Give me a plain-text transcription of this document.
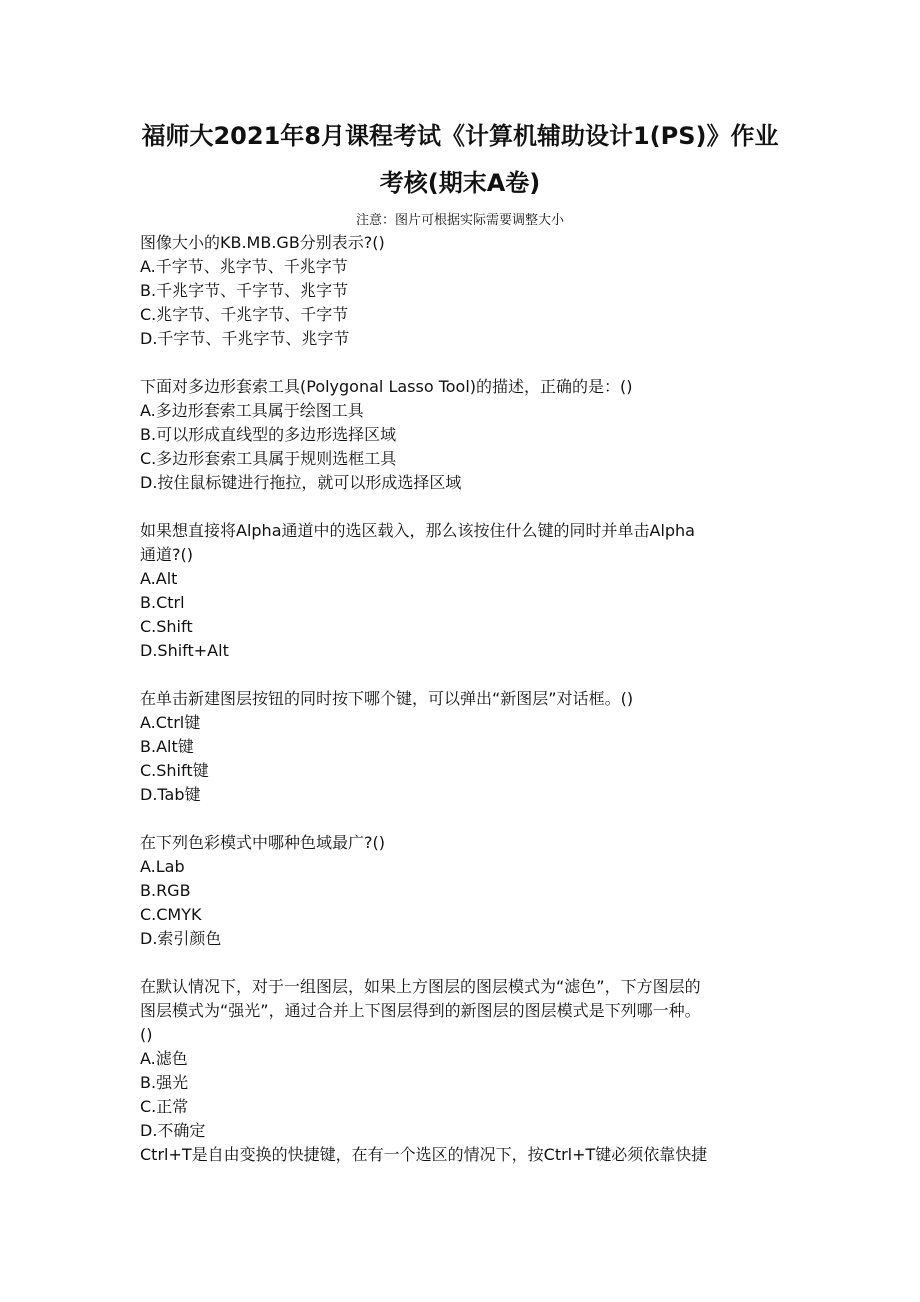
福师大2021年8月课程考试《计算机辅助设计1(PS)》作业
考核(期末A卷)
注意：图片可根据实际需要调整大小
图像大小的KB.MB.GB分别表示?()
A.千字节、兆字节、千兆字节
B.千兆字节、千字节、兆字节
C.兆字节、千兆字节、千字节
D.千字节、千兆字节、兆字节
下面对多边形套索工具(Polygonal Lasso Tool)的描述，正确的是：()
A.多边形套索工具属于绘图工具
B.可以形成直线型的多边形选择区域
C.多边形套索工具属于规则选框工具
D.按住鼠标键进行拖拉，就可以形成选择区域
如果想直接将Alpha通道中的选区载入，那么该按住什么键的同时并单击Alpha
通道?()
A.Alt
B.Ctrl
C.Shift
D.Shift+Alt
在单击新建图层按钮的同时按下哪个键，可以弹出“新图层”对话框。()
A.Ctrl键
B.Alt键
C.Shift键
D.Tab键
在下列色彩模式中哪种色域最广?()
A.Lab
B.RGB
C.CMYK
D.索引颜色
在默认情况下，对于一组图层，如果上方图层的图层模式为“滤色”，下方图层的
图层模式为“强光”，通过合并上下图层得到的新图层的图层模式是下列哪一种。
()
A.滤色
B.强光
C.正常
D.不确定
Ctrl+T是自由变换的快捷键，在有一个选区的情况下，按Ctrl+T键必须依靠快捷
